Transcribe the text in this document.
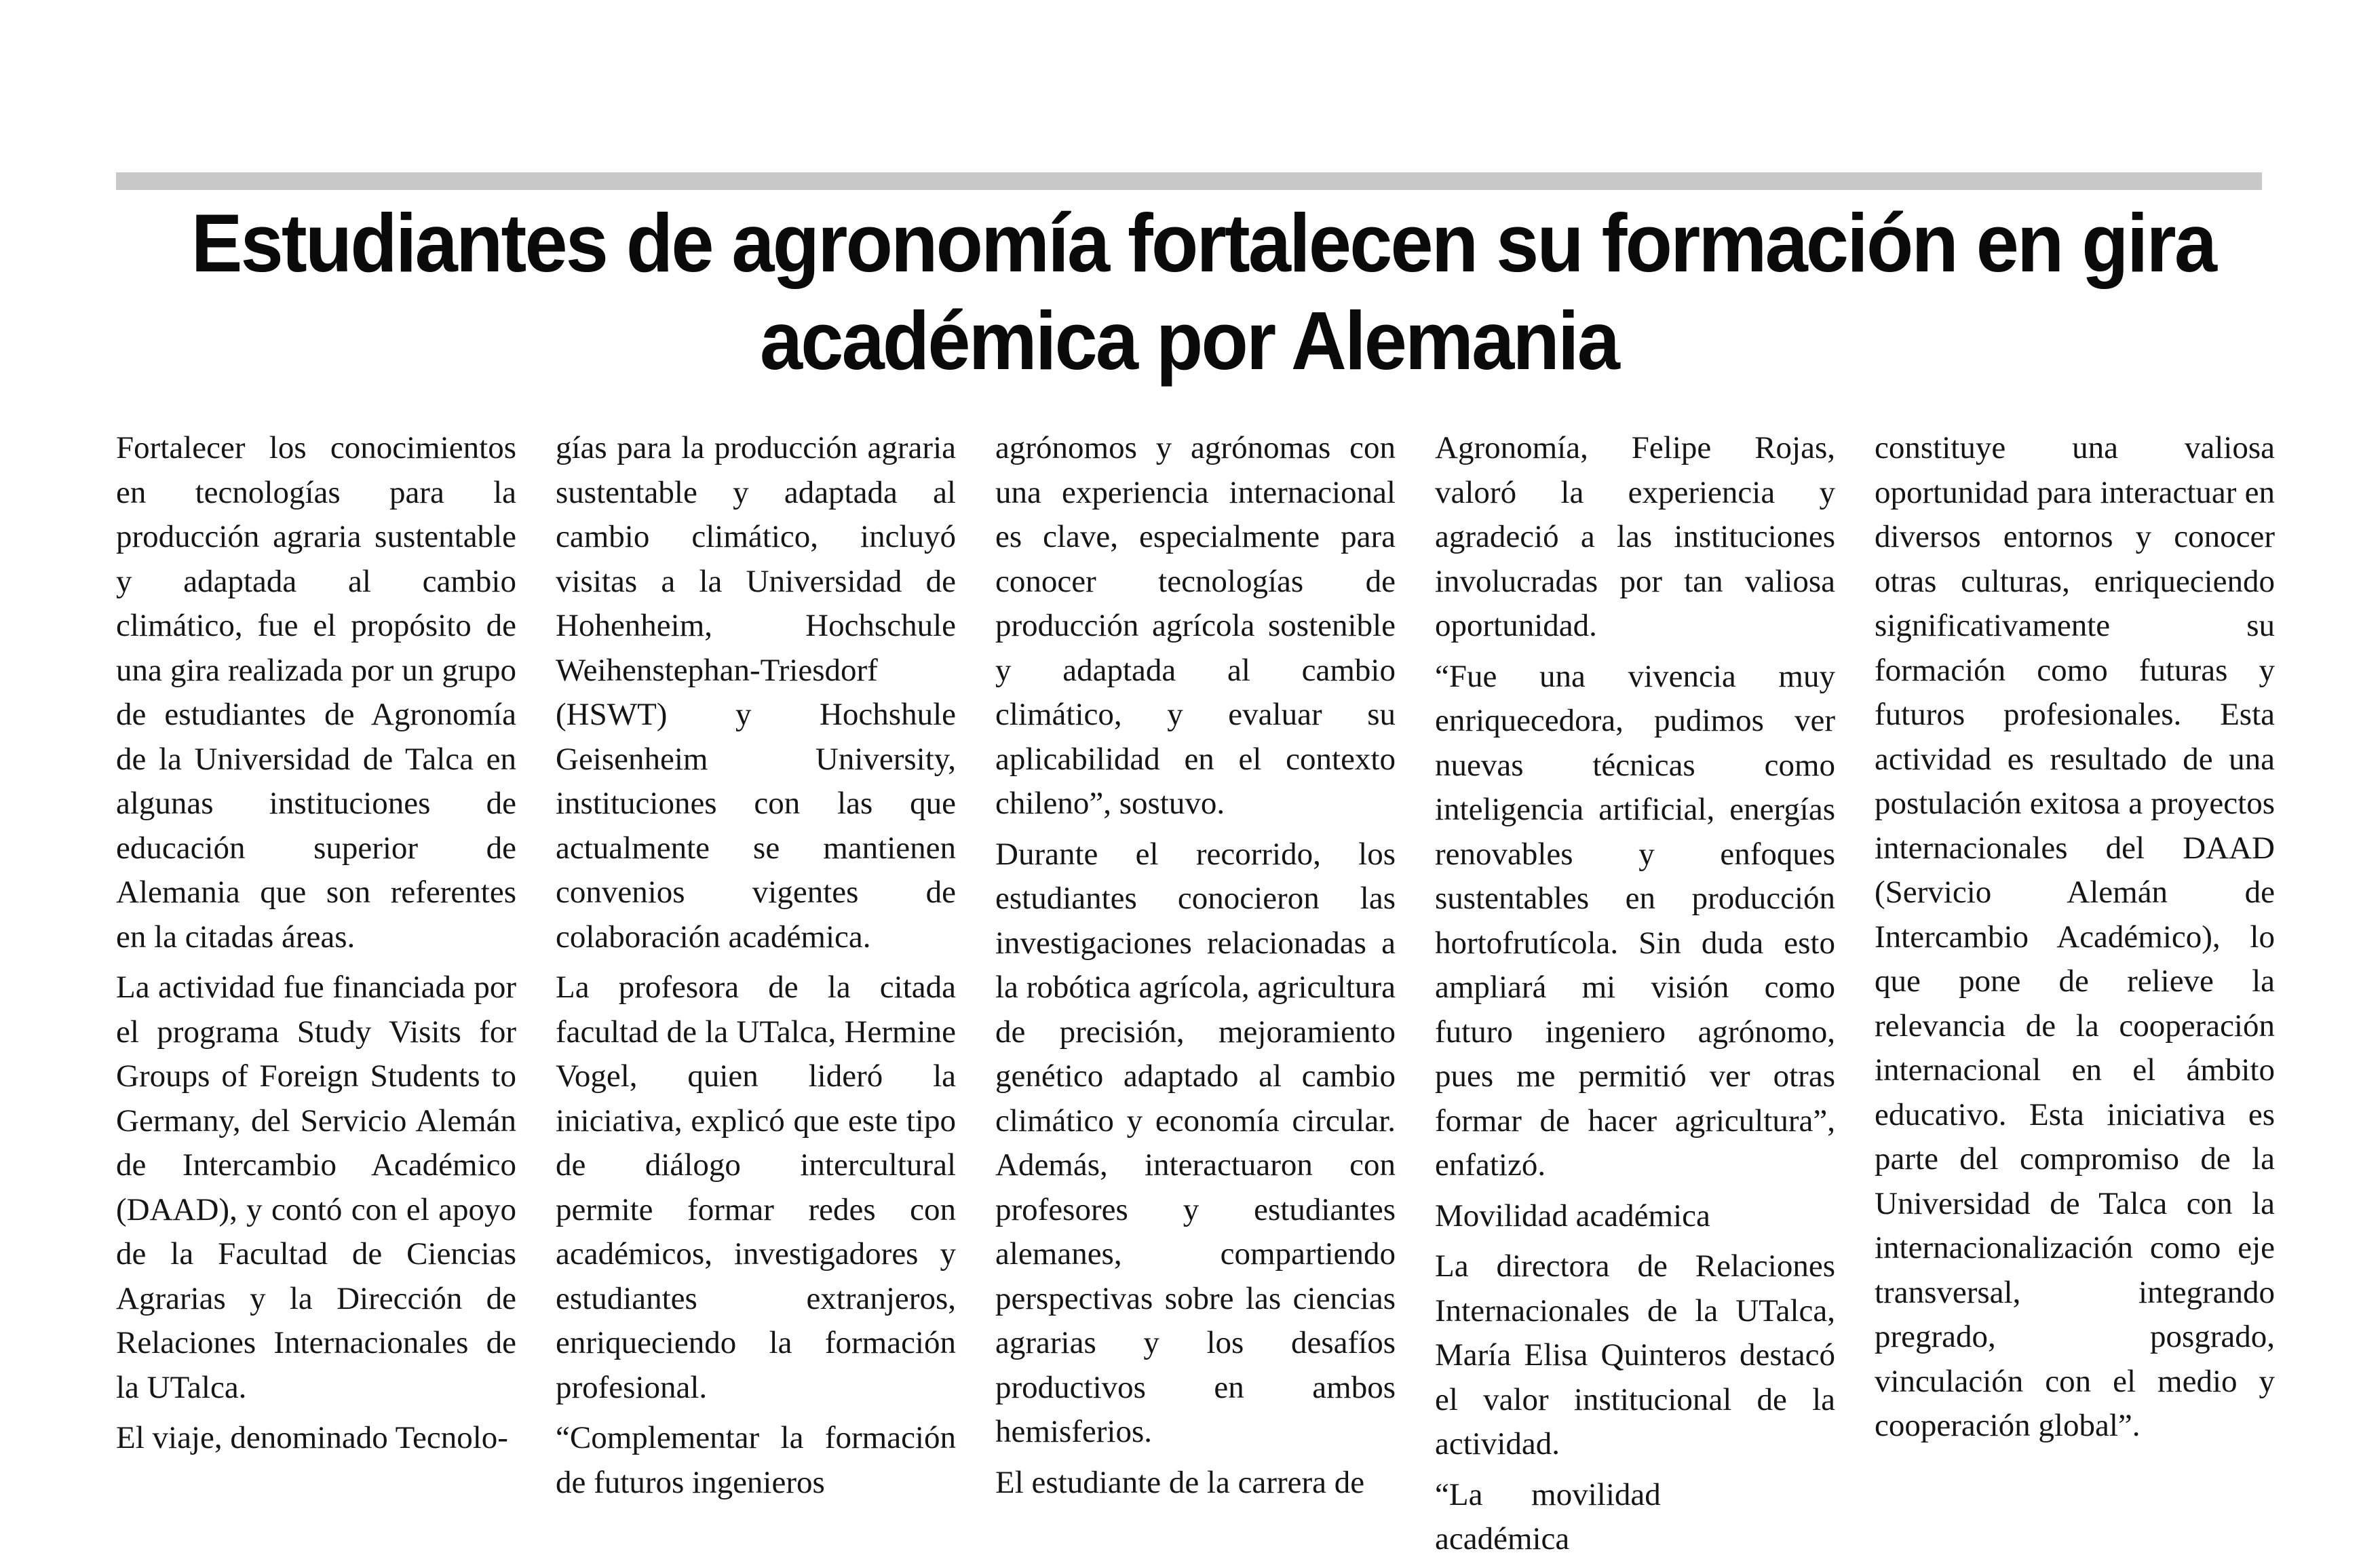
Estudiantes de agronomía fortalecen su formación en gira
académica por Alemania

Fortalecer los conocimientos en tecnologías para la producción agraria sustentable y adaptada al cambio climático, fue el propósito de una gira realizada por un grupo de estudiantes de Agronomía de la Universidad de Talca en algunas instituciones de educación superior de Alemania que son referentes en la citadas áreas.

La actividad fue financiada por el programa Study Visits for Groups of Foreign Students to Germany, del Servicio Alemán de Intercambio Académico (DAAD), y contó con el apoyo de la Facultad de Ciencias Agrarias y la Dirección de Relaciones Internacionales de la UTalca.

El viaje, denominado Tecnolo-

gías para la producción agraria sustentable y adaptada al cambio climático, incluyó visitas a la Universidad de Hohenheim, Hochschule Weihenstephan-Triesdorf (HSWT) y Hochshule Geisenheim University, instituciones con las que actualmente se mantienen convenios vigentes de colaboración académica.

La profesora de la citada facultad de la UTalca, Hermine Vogel, quien lideró la iniciativa, explicó que este tipo de diálogo intercultural permite formar redes con académicos, investigadores y estudiantes extranjeros, enriqueciendo la formación profesional.

“Complementar la formación de futuros ingenieros

agrónomos y agrónomas con una experiencia internacional es clave, especialmente para conocer tecnologías de producción agrícola sostenible y adaptada al cambio climático, y evaluar su aplicabilidad en el contexto chileno”, sostuvo.

Durante el recorrido, los estudiantes conocieron las investigaciones relacionadas a la robótica agrícola, agricultura de precisión, mejoramiento genético adaptado al cambio climático y economía circular. Además, interactuaron con profesores y estudiantes alemanes, compartiendo perspectivas sobre las ciencias agrarias y los desafíos productivos en ambos hemisferios.

El estudiante de la carrera de

Agronomía, Felipe Rojas, valoró la experiencia y agradeció a las instituciones involucradas por tan valiosa oportunidad.

“Fue una vivencia muy enriquecedora, pudimos ver nuevas técnicas como inteligencia artificial, energías renovables y enfoques sustentables en producción hortofrutícola. Sin duda esto ampliará mi visión como futuro ingeniero agrónomo, pues me permitió ver otras formar de hacer agricultura”, enfatizó.

Movilidad académica

La directora de Relaciones Internacionales de la UTalca, María Elisa Quinteros destacó el valor institucional de la actividad.

“La movilidad académica

constituye una valiosa oportunidad para interactuar en diversos entornos y conocer otras culturas, enriqueciendo significativamente su formación como futuras y futuros profesionales. Esta actividad es resultado de una postulación exitosa a proyectos internacionales del DAAD (Servicio Alemán de Intercambio Académico), lo que pone de relieve la relevancia de la cooperación internacional en el ámbito educativo. Esta iniciativa es parte del compromiso de la Universidad de Talca con la internacionalización como eje transversal, integrando pregrado, posgrado, vinculación con el medio y cooperación global”.
